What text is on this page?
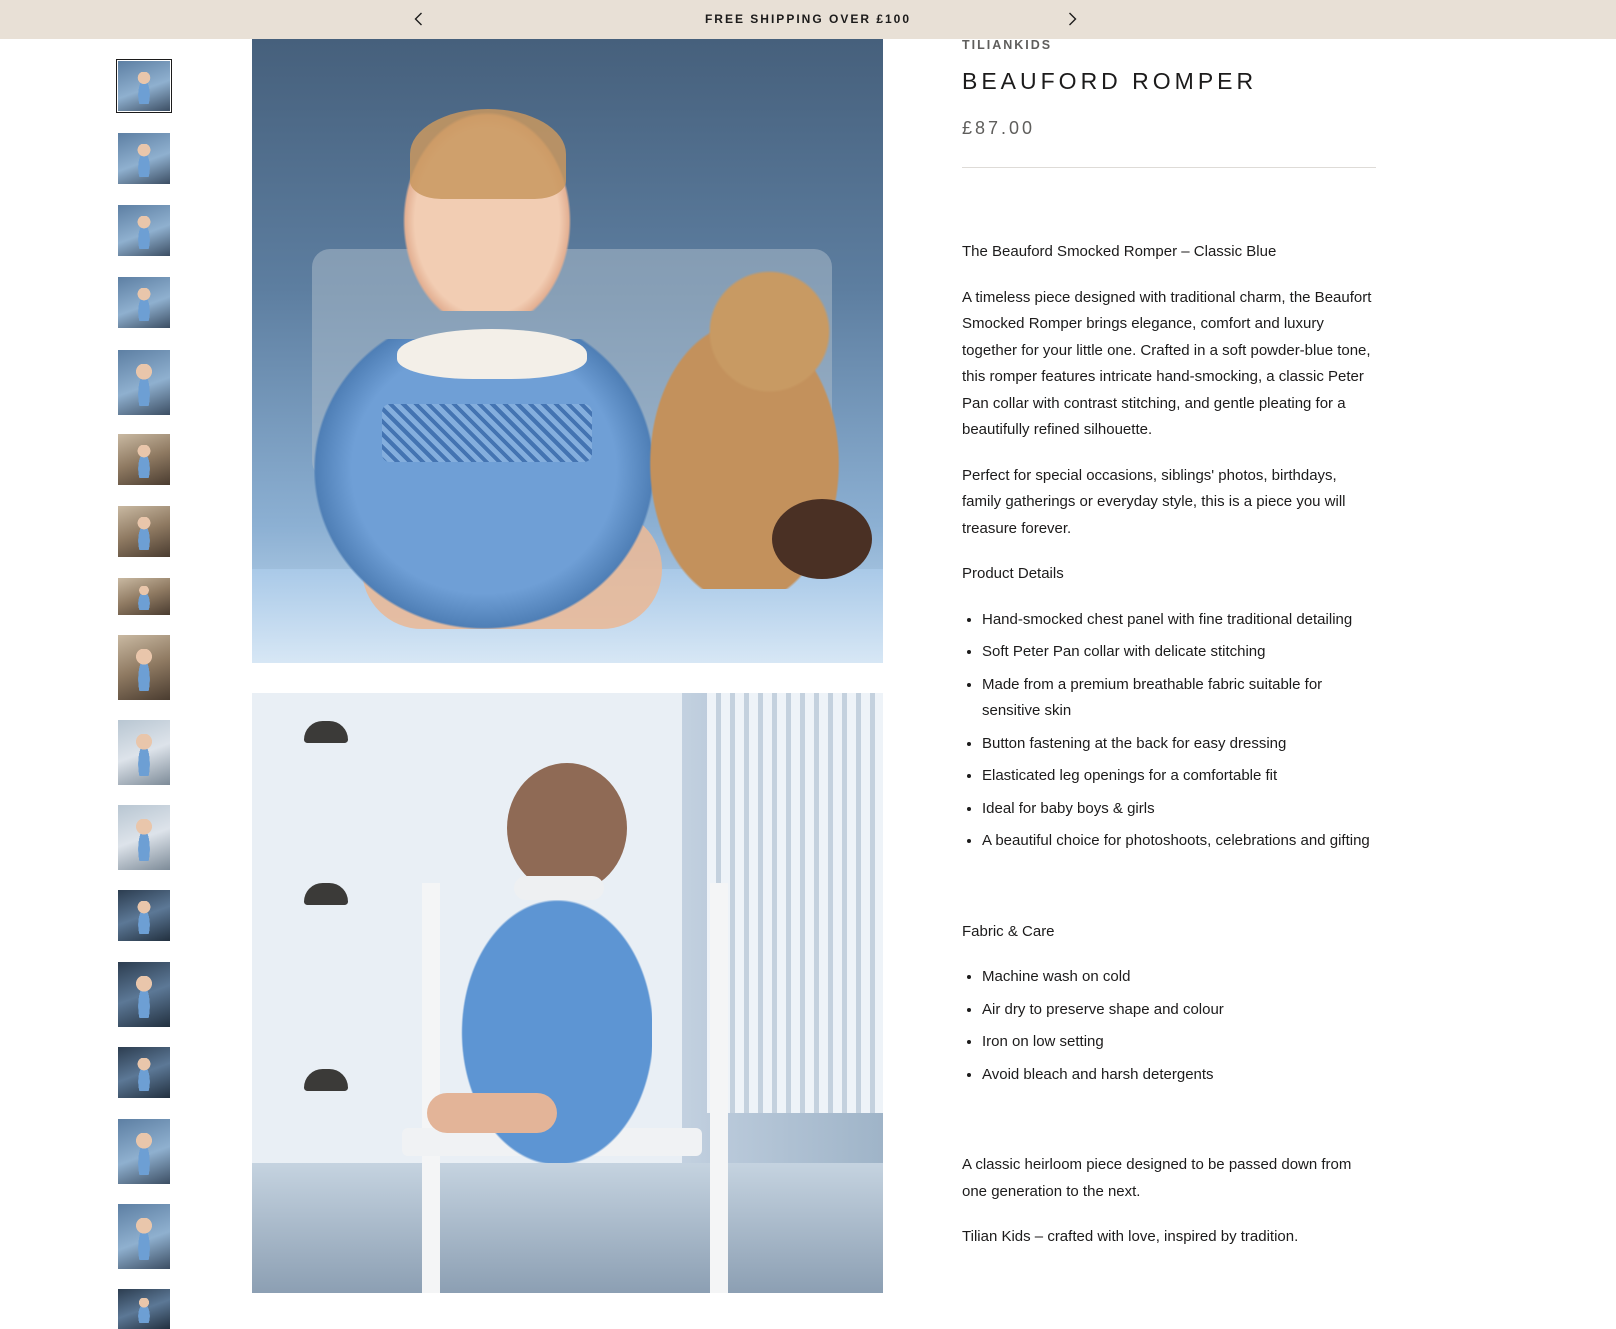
FREE SHIPPING OVER £100
TILIANKIDS
BEAUFORD ROMPER
£87.00

The Beauford Smocked Romper – Classic Blue

A timeless piece designed with traditional charm, the Beaufort Smocked Romper brings elegance, comfort and luxury together for your little one. Crafted in a soft powder-blue tone, this romper features intricate hand-smocking, a classic Peter Pan collar with contrast stitching, and gentle pleating for a beautifully refined silhouette.

Perfect for special occasions, siblings' photos, birthdays, family gatherings or everyday style, this is a piece you will treasure forever.

Product Details

• Hand-smocked chest panel with fine traditional detailing
• Soft Peter Pan collar with delicate stitching
• Made from a premium breathable fabric suitable for sensitive skin
• Button fastening at the back for easy dressing
• Elasticated leg openings for a comfortable fit
• Ideal for baby boys & girls
• A beautiful choice for photoshoots, celebrations and gifting

Fabric & Care

• Machine wash on cold
• Air dry to preserve shape and colour
• Iron on low setting
• Avoid bleach and harsh detergents

A classic heirloom piece designed to be passed down from one generation to the next.

Tilian Kids – crafted with love, inspired by tradition.
